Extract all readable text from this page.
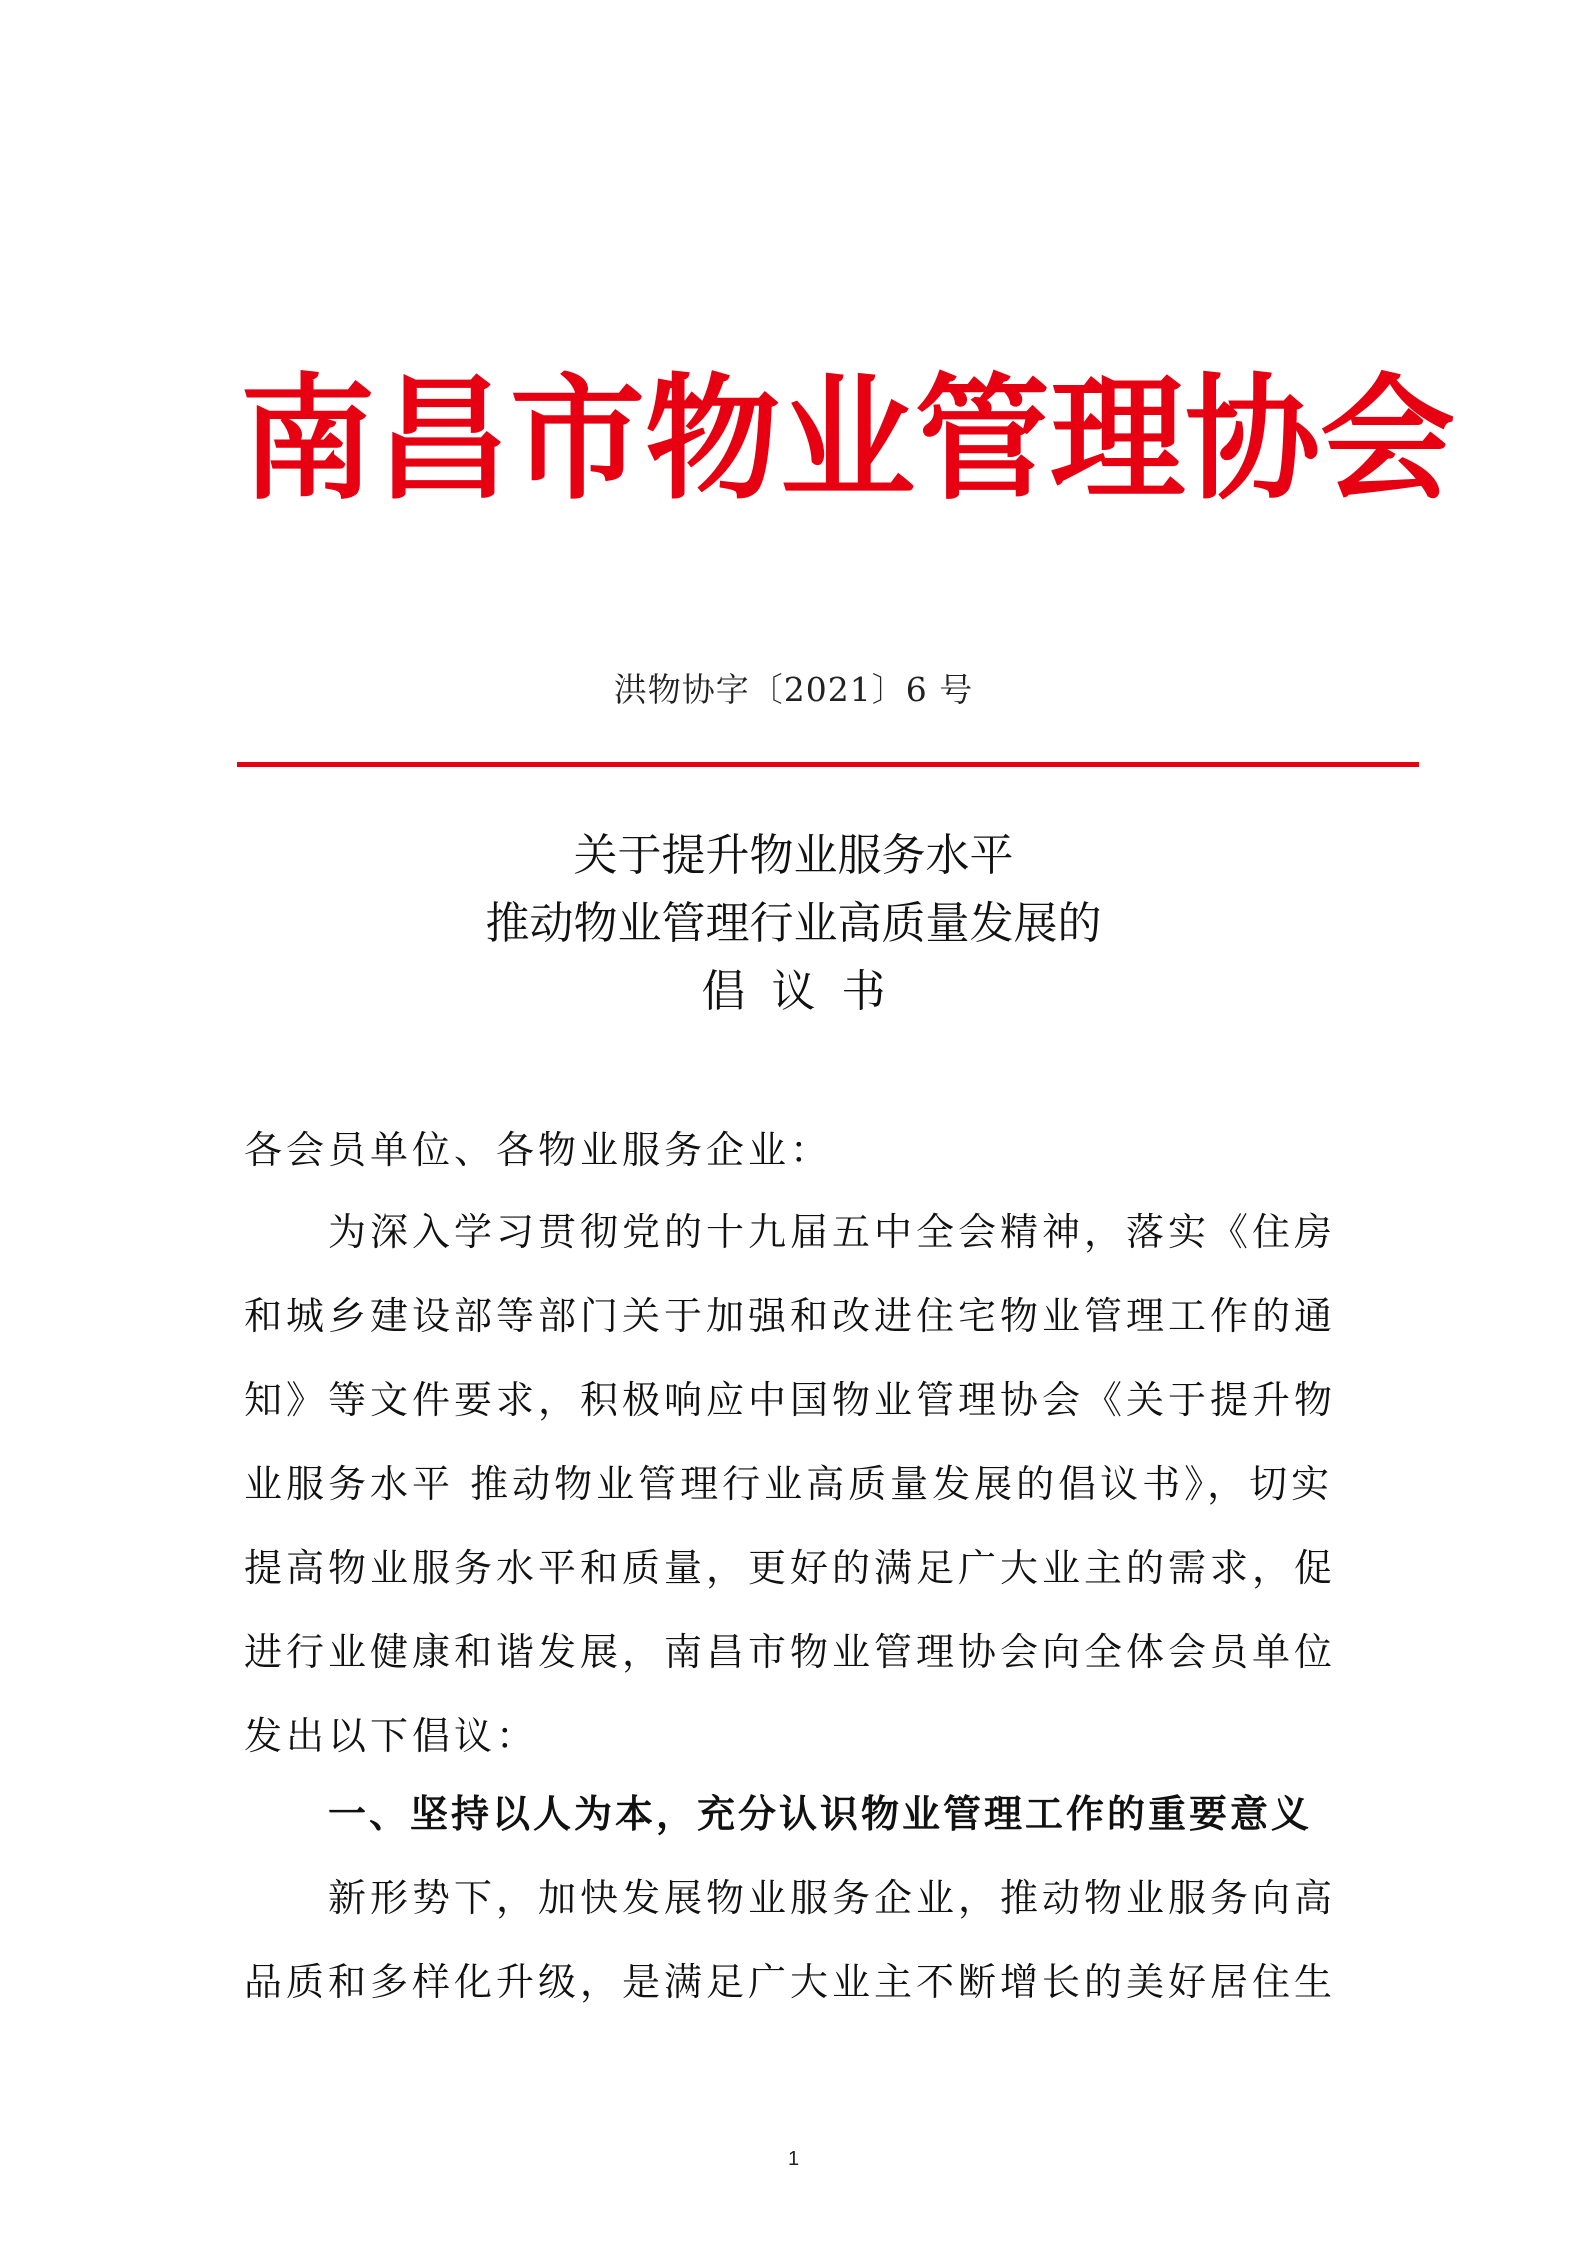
南 昌 市 物 业 管 理 协 会
洪物协字〔2021〕6 号
关于提升物业服务水平
推动物业管理行业高质量发展的
倡议书
各会员单位、各物业服务企业：
为深入学习贯彻党的十九届五中全会精神，落实《住房和城乡建设部等部门关于加强和改进住宅物业管理工作的通知》等文件要求，积极响应中国物业管理协会《关于提升物业服务水平 推动物业管理行业高质量发展的倡议书》，切实提高物业服务水平和质量，更好的满足广大业主的需求，促进行业健康和谐发展，南昌市物业管理协会向全体会员单位发出以下倡议：
一、坚持以人为本，充分认识物业管理工作的重要意义
新形势下，加快发展物业服务企业，推动物业服务向高品质和多样化升级，是满足广大业主不断增长的美好居住生
1
